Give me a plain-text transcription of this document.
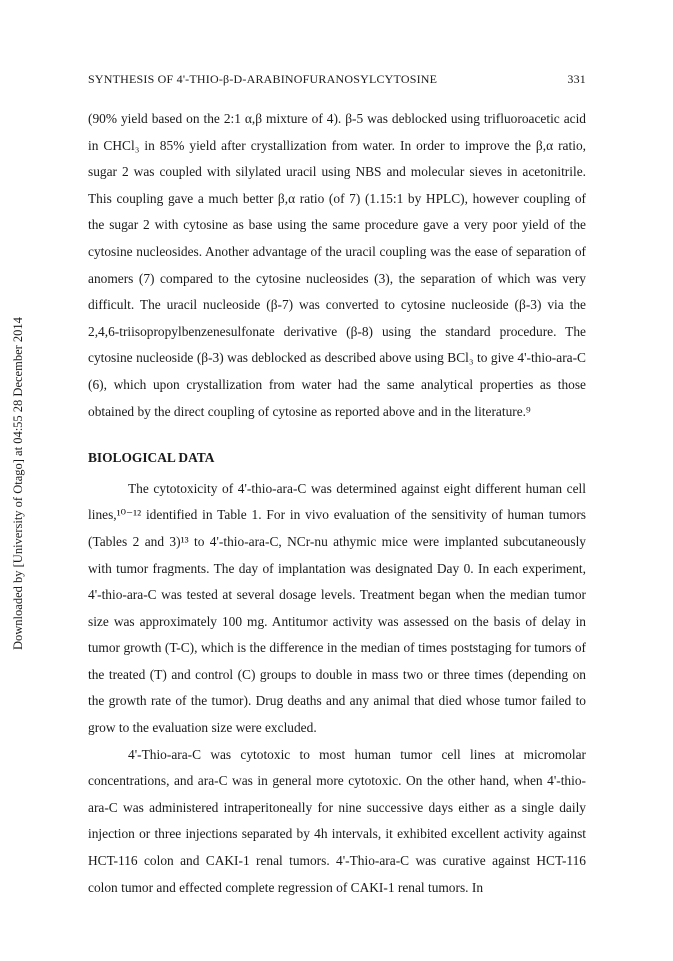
SYNTHESIS OF 4'-THIO-β-D-ARABINOFURANOSYLCYTOSINE	331
Downloaded by [University of Otago] at 04:55 28 December 2014

(90% yield based on the 2:1 α,β mixture of 4). β-5 was deblocked using trifluoroacetic acid in CHCl₃ in 85% yield after crystallization from water. In order to improve the β,α ratio, sugar 2 was coupled with silylated uracil using NBS and molecular sieves in acetonitrile. This coupling gave a much better β,α ratio (of 7) (1.15:1 by HPLC), however coupling of the sugar 2 with cytosine as base using the same procedure gave a very poor yield of the cytosine nucleosides. Another advantage of the uracil coupling was the ease of separation of anomers (7) compared to the cytosine nucleosides (3), the separation of which was very difficult. The uracil nucleoside (β-7) was converted to cytosine nucleoside (β-3) via the 2,4,6-triisopropylbenzenesulfonate derivative (β-8) using the standard procedure. The cytosine nucleoside (β-3) was deblocked as described above using BCl₃ to give 4'-thio-ara-C (6), which upon crystallization from water had the same analytical properties as those obtained by the direct coupling of cytosine as reported above and in the literature.⁹

BIOLOGICAL DATA

The cytotoxicity of 4'-thio-ara-C was determined against eight different human cell lines,¹⁰⁻¹² identified in Table 1. For in vivo evaluation of the sensitivity of human tumors (Tables 2 and 3)¹³ to 4'-thio-ara-C, NCr-nu athymic mice were implanted subcutaneously with tumor fragments. The day of implantation was designated Day 0. In each experiment, 4'-thio-ara-C was tested at several dosage levels. Treatment began when the median tumor size was approximately 100 mg. Antitumor activity was assessed on the basis of delay in tumor growth (T-C), which is the difference in the median of times poststaging for tumors of the treated (T) and control (C) groups to double in mass two or three times (depending on the growth rate of the tumor). Drug deaths and any animal that died whose tumor failed to grow to the evaluation size were excluded.

4'-Thio-ara-C was cytotoxic to most human tumor cell lines at micromolar concentrations, and ara-C was in general more cytotoxic. On the other hand, when 4'-thio-ara-C was administered intraperitoneally for nine successive days either as a single daily injection or three injections separated by 4h intervals, it exhibited excellent activity against HCT-116 colon and CAKI-1 renal tumors. 4'-Thio-ara-C was curative against HCT-116 colon tumor and effected complete regression of CAKI-1 renal tumors. In
